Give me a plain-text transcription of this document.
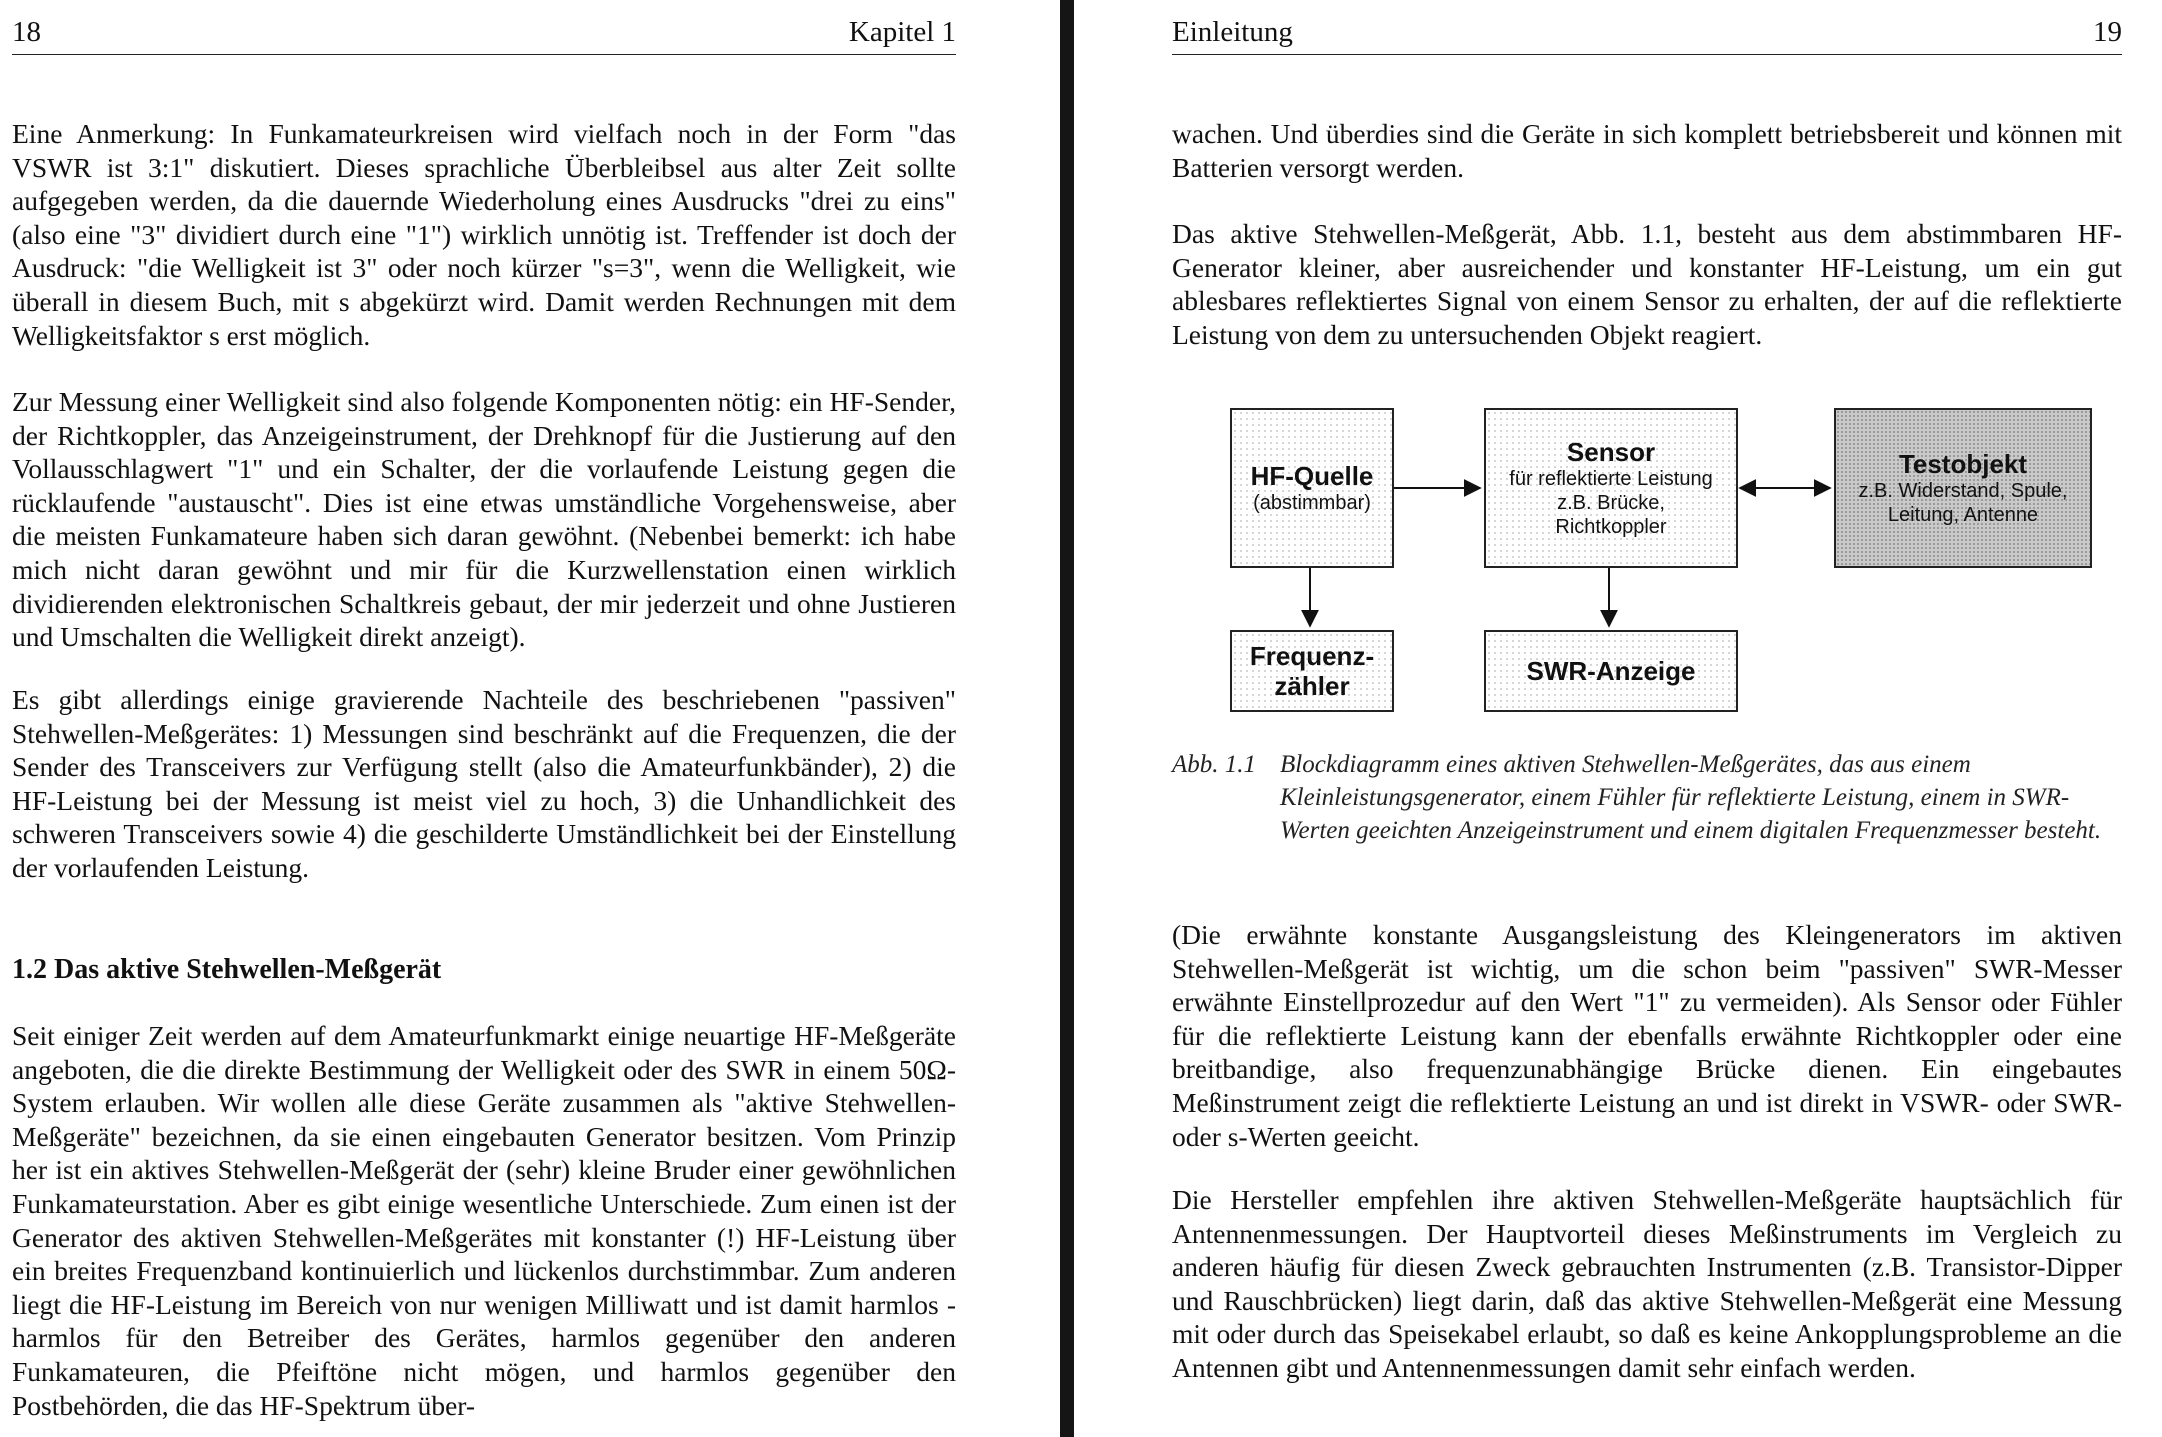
18	Kapitel 1

Eine Anmerkung: In Funkamateurkreisen wird vielfach noch in der Form "das VSWR ist 3:1" diskutiert. Dieses sprachliche Überbleibsel aus alter Zeit sollte aufgegeben werden, da die dauernde Wiederholung eines Ausdrucks "drei zu eins" (also eine "3" dividiert durch eine "1") wirklich unnötig ist. Treffender ist doch der Ausdruck: "die Welligkeit ist 3" oder noch kürzer "s=3", wenn die Welligkeit, wie überall in diesem Buch, mit s abgekürzt wird. Damit werden Rechnungen mit dem Welligkeitsfaktor s erst möglich.

Zur Messung einer Welligkeit sind also folgende Komponenten nötig: ein HF-Sender, der Richtkoppler, das Anzeigeinstrument, der Drehknopf für die Justierung auf den Vollausschlagwert "1" und ein Schalter, der die vorlaufende Leistung gegen die rücklaufende "austauscht". Dies ist eine etwas umständliche Vorgehensweise, aber die meisten Funkamateure haben sich daran gewöhnt. (Nebenbei bemerkt: ich habe mich nicht daran gewöhnt und mir für die Kurzwellenstation einen wirklich dividierenden elektronischen Schaltkreis gebaut, der mir jederzeit und ohne Justieren und Umschalten die Welligkeit direkt anzeigt).

Es gibt allerdings einige gravierende Nachteile des beschriebenen "passiven" Stehwellen-Meßgerätes: 1) Messungen sind beschränkt auf die Frequenzen, die der Sender des Transceivers zur Verfügung stellt (also die Amateurfunkbänder), 2) die HF-Leistung bei der Messung ist meist viel zu hoch, 3) die Unhandlichkeit des schweren Transceivers sowie 4) die geschilderte Umständlichkeit bei der Einstellung der vorlaufenden Leistung.

1.2 Das aktive Stehwellen-Meßgerät

Seit einiger Zeit werden auf dem Amateurfunkmarkt einige neuartige HF-Meßgeräte angeboten, die die direkte Bestimmung der Welligkeit oder des SWR in einem 50Ω-System erlauben. Wir wollen alle diese Geräte zusammen als "aktive Stehwellen-Meßgeräte" bezeichnen, da sie einen eingebauten Generator besitzen. Vom Prinzip her ist ein aktives Stehwellen-Meßgerät der (sehr) kleine Bruder einer gewöhnlichen Funkamateurstation. Aber es gibt einige wesentliche Unterschiede. Zum einen ist der Generator des aktiven Stehwellen-Meßgerätes mit konstanter (!) HF-Leistung über ein breites Frequenzband kontinuierlich und lückenlos durchstimmbar. Zum anderen liegt die HF-Leistung im Bereich von nur wenigen Milliwatt und ist damit harmlos - harmlos für den Betreiber des Gerätes, harmlos gegenüber den anderen Funkamateuren, die Pfeiftöne nicht mögen, und harmlos gegenüber den Postbehörden, die das HF-Spektrum über-

Einleitung	19

wachen. Und überdies sind die Geräte in sich komplett betriebsbereit und können mit Batterien versorgt werden.

Das aktive Stehwellen-Meßgerät, Abb. 1.1, besteht aus dem abstimmbaren HF-Generator kleiner, aber ausreichender und konstanter HF-Leistung, um ein gut ablesbares reflektiertes Signal von einem Sensor zu erhalten, der auf die reflektierte Leistung von dem zu untersuchenden Objekt reagiert.

HF-Quelle
(abstimmbar)
Sensor
für reflektierte Leistung
z.B. Brücke,
Richtkoppler
Testobjekt
z.B. Widerstand, Spule,
Leitung, Antenne
Frequenz-
zähler	SWR-Anzeige
Abb. 1.1 Blockdiagramm eines aktiven Stehwellen-Meßgerätes, das aus einem Kleinleistungsgenerator, einem Fühler für reflektierte Leistung, einem in SWR-Werten geeichten Anzeigeinstrument und einem digitalen Frequenzmesser besteht.

(Die erwähnte konstante Ausgangsleistung des Kleingenerators im aktiven Stehwellen-Meßgerät ist wichtig, um die schon beim "passiven" SWR-Messer erwähnte Einstellprozedur auf den Wert "1" zu vermeiden). Als Sensor oder Fühler für die reflektierte Leistung kann der ebenfalls erwähnte Richtkoppler oder eine breitbandige, also frequenzunabhängige Brücke dienen. Ein eingebautes Meßinstrument zeigt die reflektierte Leistung an und ist direkt in VSWR- oder SWR- oder s-Werten geeicht.

Die Hersteller empfehlen ihre aktiven Stehwellen-Meßgeräte hauptsächlich für Antennenmessungen. Der Hauptvorteil dieses Meßinstruments im Vergleich zu anderen häufig für diesen Zweck gebrauchten Instrumenten (z.B. Transistor-Dipper und Rauschbrücken) liegt darin, daß das aktive Stehwellen-Meßgerät eine Messung mit oder durch das Speisekabel erlaubt, so daß es keine Ankopplungsprobleme an die Antennen gibt und Antennenmessungen damit sehr einfach werden.
